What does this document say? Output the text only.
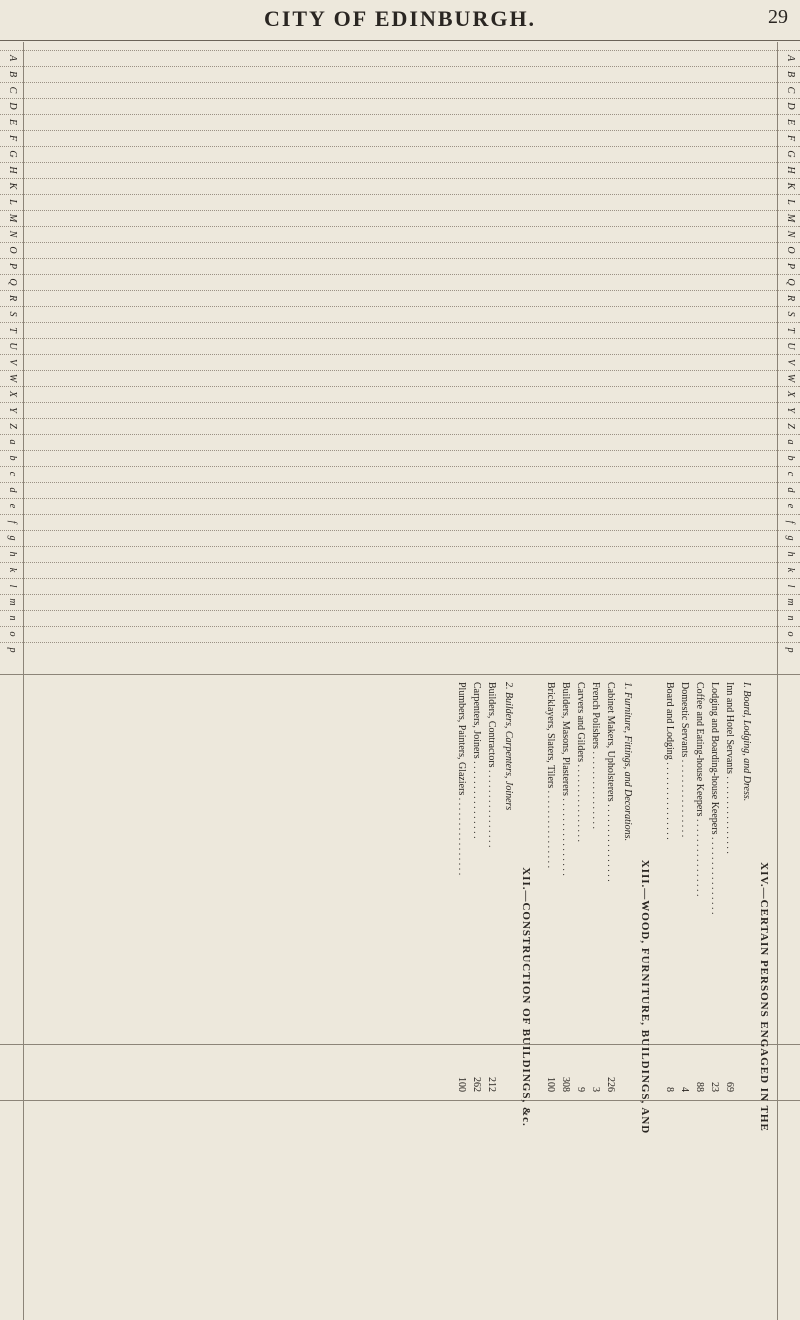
CITY OF EDINBURGH.	29
A
A
B
B
C
C
D
D
E
E
F
F
G
G
H
H
K
K
L
L
M
M
N
N
O
O
P
P
Q
Q
R
R
S
S
T
T
U
U
V
V
W
W
X
X
Y
Y
Z
Z
a
a
b
b
c
c
d
d
e
e
f
f
g
g
h
h
k
k
l
l
m
m
n
n
o
o
p
p
XIV.—CERTAIN PERSONS ENGAGED IN THE
I. Board, Lodging, and Dress.
Inn and Hotel Servants . . . . . . . . . . . . . . . .
69
Lodging and Boarding-house Keepers . . . . . . . . . . . . . . . .
23
Coffee and Eating-house Keepers . . . . . . . . . . . . . . . .
88
Domestic Servants . . . . . . . . . . . . . . . .
4
Board and Lodging . . . . . . . . . . . . . . . .
8
XIII.—WOOD, FURNITURE, BUILDINGS, AND
1. Furniture, Fittings, and Decorations.
Cabinet Makers, Upholsterers . . . . . . . . . . . . . . . .
226
French Polishers . . . . . . . . . . . . . . . .
3
Carvers and Gilders . . . . . . . . . . . . . . . .
9
Builders, Masons, Plasterers . . . . . . . . . . . . . . . .
308
Bricklayers, Slaters, Tilers . . . . . . . . . . . . . . . .
100
XII.—CONSTRUCTION OF BUILDINGS, &c.
2. Builders, Carpenters, Joiners
Builders, Contractors . . . . . . . . . . . . . . . .
212
Carpenters, Joiners . . . . . . . . . . . . . . . .
262
Plumbers, Painters, Glaziers . . . . . . . . . . . . . . . .
100
